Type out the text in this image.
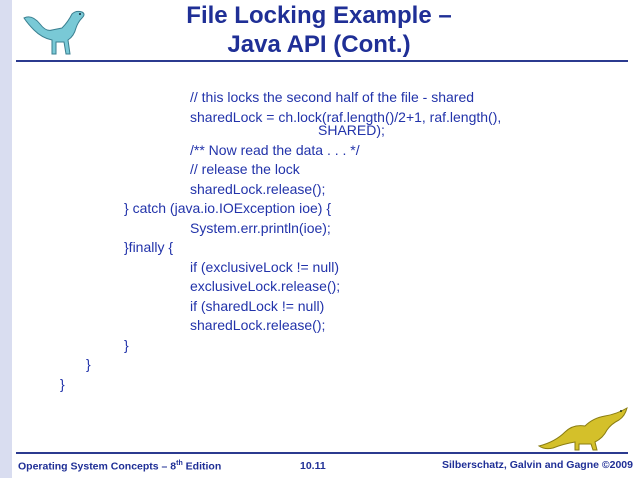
File Locking Example –
Java API (Cont.)
// this locks the second half of the file - shared
sharedLock = ch.lock(raf.length()/2+1, raf.length(),
SHARED);
/** Now read the data . . . */
// release the lock
sharedLock.release();
} catch (java.io.IOException ioe) {
System.err.println(ioe);
}finally {
if (exclusiveLock != null)
exclusiveLock.release();
if (sharedLock != null)
sharedLock.release();
}
}
}
Operating System Concepts – 8th Edition	10.11	Silberschatz, Galvin and Gagne ©2009
